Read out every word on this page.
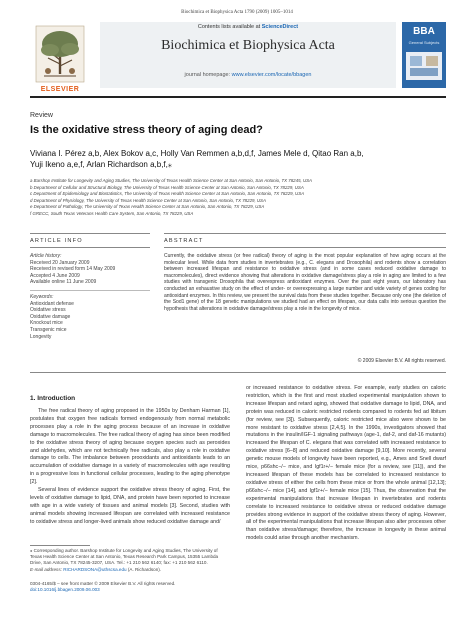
Biochimica et Biophysica Acta 1790 (2009) 1005–1014
ELSEVIER
Contents lists available at ScienceDirect
Biochimica et Biophysica Acta
journal homepage: www.elsevier.com/locate/bbagen
BBA
General Subjects
Review
Is the oxidative stress theory of aging dead?
Viviana I. Pérez a,b, Alex Bokov a,c, Holly Van Remmen a,b,d,f, James Mele d, Qitao Ran a,b,
Yuji Ikeno a,e,f, Arlan Richardson a,b,f,⁎
a Barshop Institute for Longevity and Aging Studies, The University of Texas Health Science Center at San Antonio, San Antonio, TX 78245, USA
b Department of Cellular and Structural Biology, The University of Texas Health Science Center at San Antonio, San Antonio, TX 78229, USA
c Department of Epidemiology and Biostatistics, The University of Texas Health Science Center at San Antonio, San Antonio, TX 78229, USA
d Department of Physiology, The University of Texas Health Science Center at San Antonio, San Antonio, TX 78229, USA
e Department of Pathology, The University of Texas Health Science Center at San Antonio, San Antonio, TX 78229, USA
f GRECC, South Texas Veterans Health Care System, San Antonio, TX 78229, USA
ARTICLE INFO	ABSTRACT
Article history:
Received 20 January 2009
Received in revised form 14 May 2009
Accepted 4 June 2009
Available online 11 June 2009
Keywords:
Antioxidant defense
Oxidative stress
Oxidative damage
Knockout mice
Transgenic mice
Longevity
Currently, the oxidative stress (or free radical) theory of aging is the most popular explanation of how aging occurs at the molecular level. While data from studies in invertebrates (e.g., C. elegans and Drosophila) and rodents show a correlation between increased lifespan and resistance to oxidative stress (and in some cases reduced oxidative damage to macromolecules), direct evidence showing that alterations in oxidative damage/stress play a role in aging are limited to a few studies with transgenic Drosophila that overexpress antioxidant enzymes. Over the past eight years, our laboratory has conducted an exhaustive study on the effect of under- or overexpressing a large number and wide variety of genes coding for antioxidant enzymes. In this review, we present the survival data from these studies together. Because only one (the deletion of the Sod1 gene) of the 18 genetic manipulations we studied had an effect on lifespan, our data calls into serious question the hypothesis that alterations in oxidative damage/stress play a role in the longevity of mice.
© 2009 Elsevier B.V. All rights reserved.
1. Introduction

The free radical theory of aging proposed in the 1950s by Denham Harman [1], postulates that oxygen free radicals formed endogenously from normal metabolic processes play a role in the aging process because of an increase in oxidative damage to macromolecules. The free radical theory of aging has since been modified to the oxidative stress theory of aging because oxygen species such as peroxides and aldehydes, which are not technically free radicals, also play a role in oxidative damage to cells. The imbalance between prooxidants and antioxidants leads to an accumulation of oxidative damage in a variety of macromolecules with age resulting in a progressive loss in functional cellular processes, leading to the aging phenotype [2].

Several lines of evidence support the oxidative stress theory of aging. First, the levels of oxidative damage to lipid, DNA, and protein have been reported to increase with age in a wide variety of tissues and animal models [3]. Second, studies with animal models showing increased lifespan are correlated with increased resistance to oxidative stress and longer-lived animals show reduced oxidative damage and/

or increased resistance to oxidative stress. For example, early studies on caloric restriction, which is the first and most studied experimental manipulation shown to increase lifespan and retard aging, showed that oxidative damage to lipid, DNA, and protein was reduced in caloric restricted rodents compared to rodents fed ad libitum (for review, see [3]). Subsequently, caloric restricted mice also were shown to be more resistant to oxidative stress [2,4,5]. In the 1990s, investigators showed that mutations in the insulin/IGF-1 signaling pathways (age-1, daf-2, and daf-16 mutants) increased the lifespan of C. elegans that was correlated with increased resistance to oxidative stress [6–8] and reduced oxidative damage [9,10]. More recently, several genetic mouse models of longevity have been reported, e.g., Ames and Snell dwarf mice, p66shc−/− mice, and Igf1r+/− female mice (for a review, see [11]), and the increased lifespan of these models has be correlated to increased resistance to oxidative stress of either the cells from these mice or from the whole animal [12,13]; p66shc−/− mice [14], and Igf1r+/− female mice [15]. Thus, the observation that the experimental manipulations that increase lifespan in invertebrates and rodents correlate to increased resistance to oxidative stress or reduced oxidative damage provides strong evidence in support of the oxidative stress theory of aging. However, all of the experimental manipulations that increase lifespan also alter processes other than oxidative stress/damage; therefore, the increase in longevity in these animal models could arise through another mechanism.

⁎ Corresponding author. Barshop Institute for Longevity and Aging Studies, The University of Texas Health Science Center at San Antonio, Texas Research Park Campus, 15355 Lambda Drive, San Antonio, TX 78245-3207, USA. Tel.: +1 210 562 6140; fax: +1 210 562 6110.
E-mail address: RICHARDSONA@uthscsa.edu (A. Richardson).
0304-4165/$ – see front matter © 2009 Elsevier B.V. All rights reserved.
doi:10.1016/j.bbagen.2009.06.003
